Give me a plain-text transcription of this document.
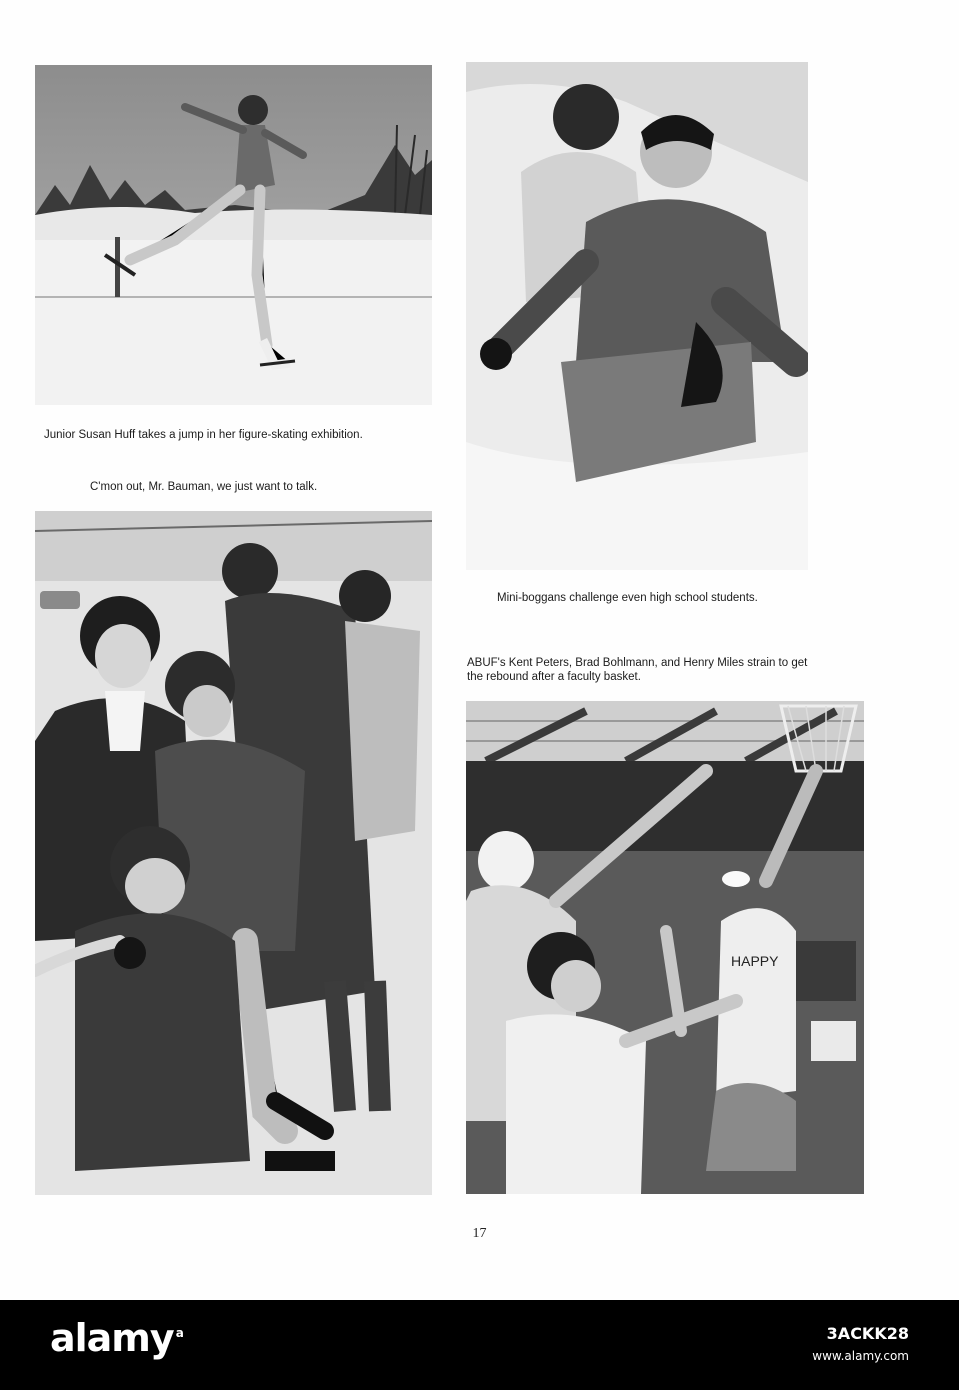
Junior Susan Huff takes a jump in her figure-skating exhibition.
Mini-boggans challenge even high school students.
C'mon out, Mr. Bauman, we just want to talk.
ABUF's Kent Peters, Brad Bohlmann, and Henry Miles strain to get
the rebound after a faculty basket.
HAPPY
17
alamy $^a$	3ACKK28
www.alamy.com
